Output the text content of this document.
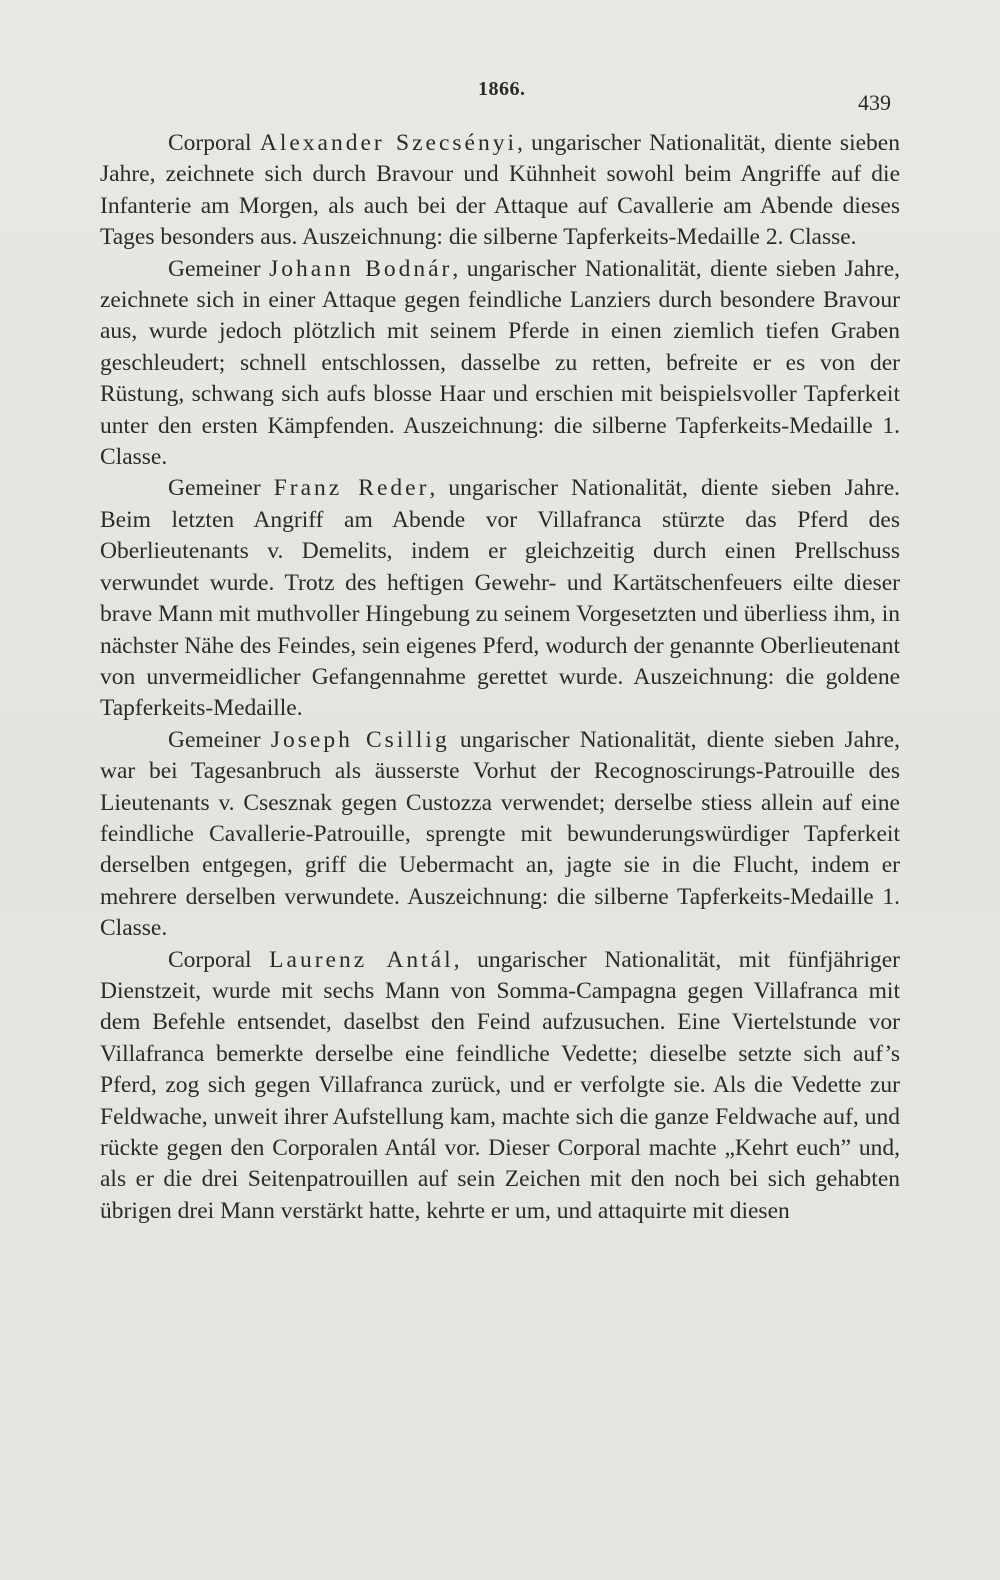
1866.
439

Corporal Alexander Szecsényi, ungarischer Nationalität, diente sieben Jahre, zeichnete sich durch Bravour und Kühnheit sowohl beim Angriffe auf die Infanterie am Morgen, als auch bei der Attaque auf Cavallerie am Abende dieses Tages besonders aus. Auszeichnung: die silberne Tapferkeits-Medaille 2. Classe.

Gemeiner Johann Bodnár, ungarischer Nationalität, diente sieben Jahre, zeichnete sich in einer Attaque gegen feindliche Lanziers durch besondere Bravour aus, wurde jedoch plötzlich mit seinem Pferde in einen ziemlich tiefen Graben geschleudert; schnell entschlossen, dasselbe zu retten, befreite er es von der Rüstung, schwang sich aufs blosse Haar und erschien mit beispielsvoller Tapferkeit unter den ersten Kämpfenden. Auszeichnung: die silberne Tapferkeits-Medaille 1. Classe.

Gemeiner Franz Reder, ungarischer Nationalität, diente sieben Jahre. Beim letzten Angriff am Abende vor Villafranca stürzte das Pferd des Oberlieutenants v. Demelits, indem er gleichzeitig durch einen Prellschuss verwundet wurde. Trotz des heftigen Gewehr- und Kartätschenfeuers eilte dieser brave Mann mit muthvoller Hingebung zu seinem Vorgesetzten und überliess ihm, in nächster Nähe des Feindes, sein eigenes Pferd, wodurch der genannte Oberlieutenant von unvermeidlicher Gefangennahme gerettet wurde. Auszeichnung: die goldene Tapferkeits-Medaille.

Gemeiner Joseph Csillig ungarischer Nationalität, diente sieben Jahre, war bei Tagesanbruch als äusserste Vorhut der Recognoscirungs-Patrouille des Lieutenants v. Csesznak gegen Custozza verwendet; derselbe stiess allein auf eine feindliche Cavallerie-Patrouille, sprengte mit bewunderungswürdiger Tapferkeit derselben entgegen, griff die Uebermacht an, jagte sie in die Flucht, indem er mehrere derselben verwundete. Auszeichnung: die silberne Tapferkeits-Medaille 1. Classe.

Corporal Laurenz Antál, ungarischer Nationalität, mit fünfjähriger Dienstzeit, wurde mit sechs Mann von Somma-Campagna gegen Villafranca mit dem Befehle entsendet, daselbst den Feind aufzusuchen. Eine Viertelstunde vor Villafranca bemerkte derselbe eine feindliche Vedette; dieselbe setzte sich auf’s Pferd, zog sich gegen Villafranca zurück, und er verfolgte sie. Als die Vedette zur Feldwache, unweit ihrer Aufstellung kam, machte sich die ganze Feldwache auf, und rückte gegen den Corporalen Antál vor. Dieser Corporal machte „Kehrt euch” und, als er die drei Seitenpatrouillen auf sein Zeichen mit den noch bei sich gehabten übrigen drei Mann verstärkt hatte, kehrte er um, und attaquirte mit diesen
